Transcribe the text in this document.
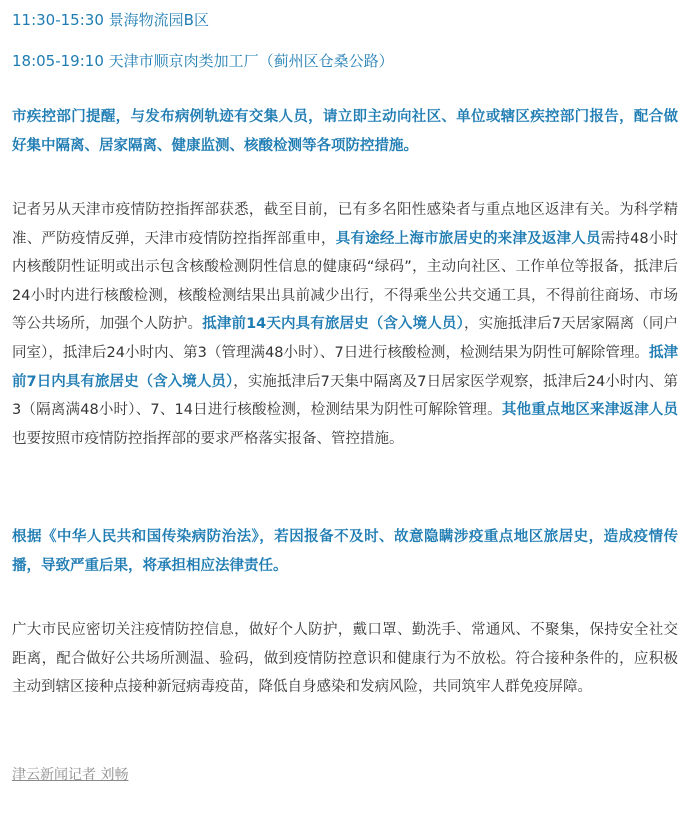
11:30-15:30 景海物流园B区
18:05-19:10 天津市顺京肉类加工厂（蓟州区仓桑公路）

市疾控部门提醒，与发布病例轨迹有交集人员，请立即主动向社区、单位或辖区疾控部门报告，配合做好集中隔离、居家隔离、健康监测、核酸检测等各项防控措施。

记者另从天津市疫情防控指挥部获悉，截至目前，已有多名阳性感染者与重点地区返津有关。为科学精准、严防疫情反弹，天津市疫情防控指挥部重申，具有途经上海市旅居史的来津及返津人员需持48小时内核酸阴性证明或出示包含核酸检测阴性信息的健康码“绿码”，主动向社区、工作单位等报备，抵津后24小时内进行核酸检测，核酸检测结果出具前减少出行，不得乘坐公共交通工具，不得前往商场、市场等公共场所，加强个人防护。抵津前14天内具有旅居史（含入境人员），实施抵津后7天居家隔离（同户同室），抵津后24小时内、第3（管理满48小时）、7日进行核酸检测，检测结果为阴性可解除管理。抵津前7日内具有旅居史（含入境人员），实施抵津后7天集中隔离及7日居家医学观察，抵津后24小时内、第3（隔离满48小时）、7、14日进行核酸检测，检测结果为阴性可解除管理。其他重点地区来津返津人员也要按照市疫情防控指挥部的要求严格落实报备、管控措施。

根据《中华人民共和国传染病防治法》，若因报备不及时、故意隐瞒涉疫重点地区旅居史，造成疫情传播，导致严重后果，将承担相应法律责任。

广大市民应密切关注疫情防控信息，做好个人防护，戴口罩、勤洗手、常通风、不聚集，保持安全社交距离，配合做好公共场所测温、验码，做到疫情防控意识和健康行为不放松。符合接种条件的，应积极主动到辖区接种点接种新冠病毒疫苗，降低自身感染和发病风险，共同筑牢人群免疫屏障。

津云新闻记者 刘畅
